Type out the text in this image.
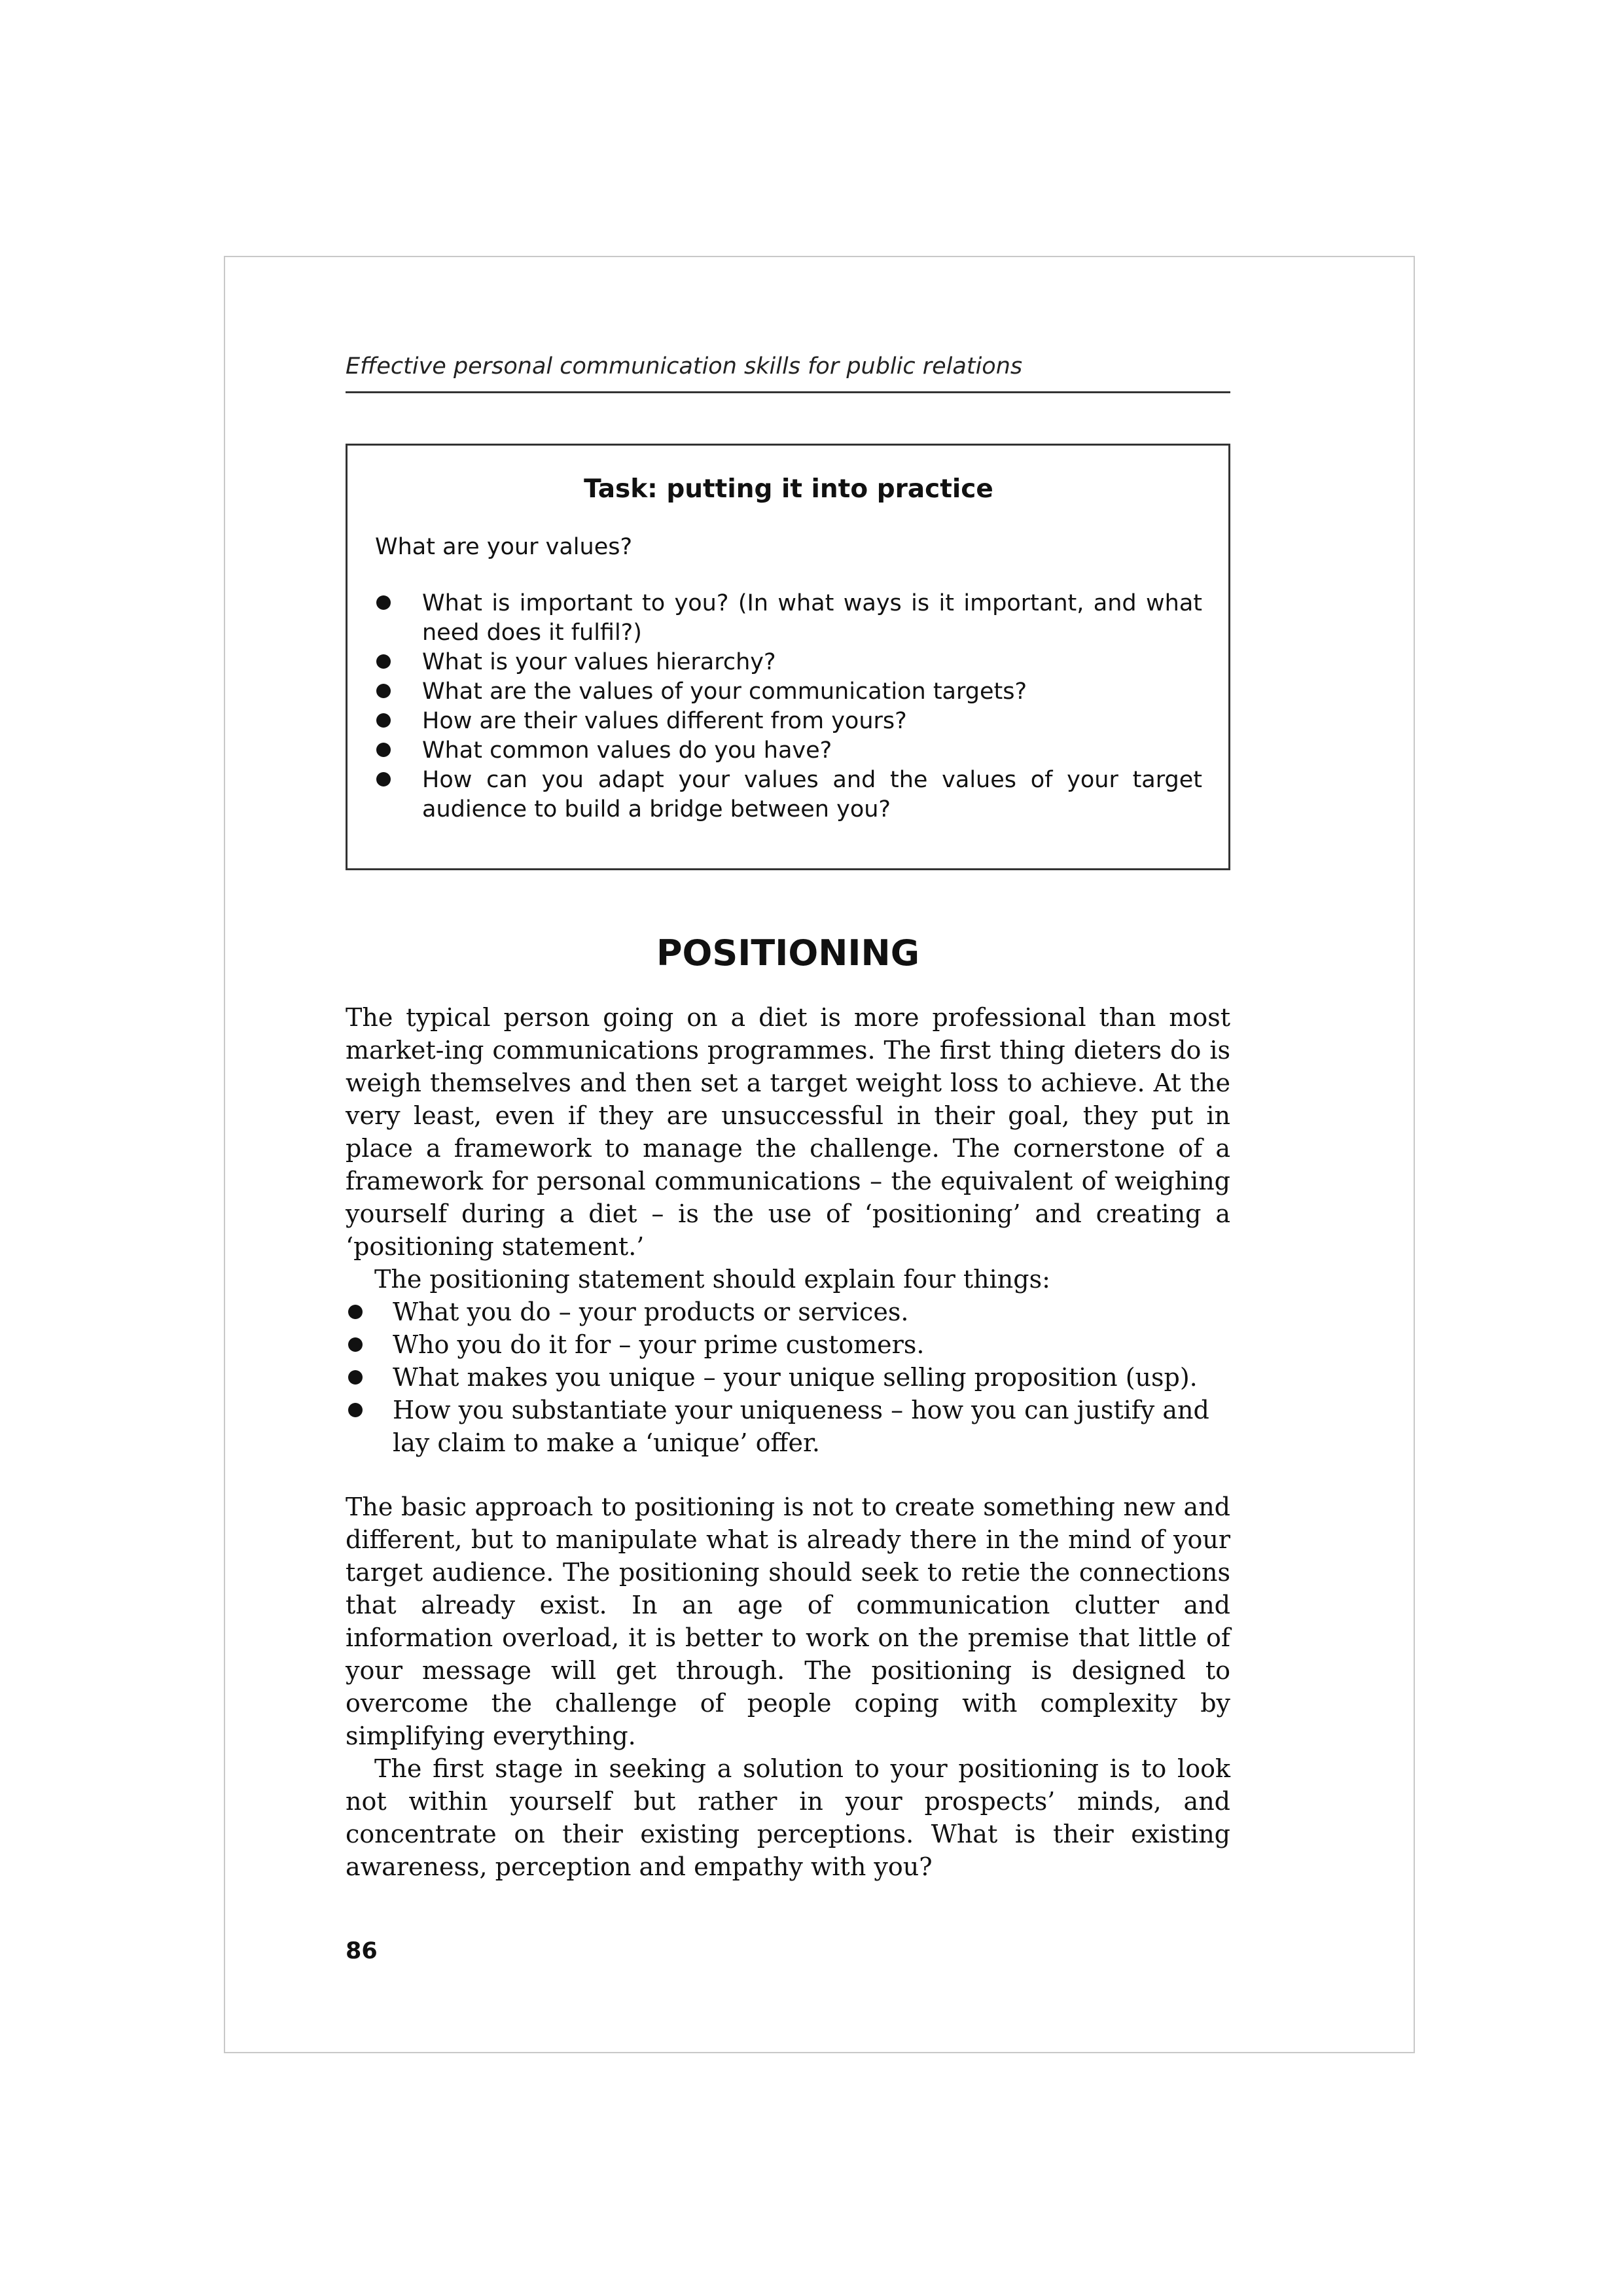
Effective personal communication skills for public relations

Task: putting it into practice

What are your values?

What is important to you? (In what ways is it important, and what need does it fulfil?)
What is your values hierarchy?
What are the values of your communication targets?
How are their values different from yours?
What common values do you have?
How can you adapt your values and the values of your target audience to build a bridge between you?
POSITIONING

The typical person going on a diet is more professional than most market-ing communications programmes. The first thing dieters do is weigh themselves and then set a target weight loss to achieve. At the very least, even if they are unsuccessful in their goal, they put in place a framework to manage the challenge. The cornerstone of a framework for personal communications – the equivalent of weighing yourself during a diet – is the use of ‘positioning’ and creating a ‘positioning statement.’

The positioning statement should explain four things:

What you do – your products or services.
Who you do it for – your prime customers.
What makes you unique – your unique selling proposition (usp).
How you substantiate your uniqueness – how you can justify and lay claim to make a ‘unique’ offer.

The basic approach to positioning is not to create something new and different, but to manipulate what is already there in the mind of your target audience. The positioning should seek to retie the connections that already exist. In an age of communication clutter and information overload, it is better to work on the premise that little of your message will get through. The positioning is designed to overcome the challenge of people coping with complexity by simplifying everything.

The first stage in seeking a solution to your positioning is to look not within yourself but rather in your prospects’ minds, and concentrate on their existing perceptions. What is their existing awareness, perception and empathy with you?

86
